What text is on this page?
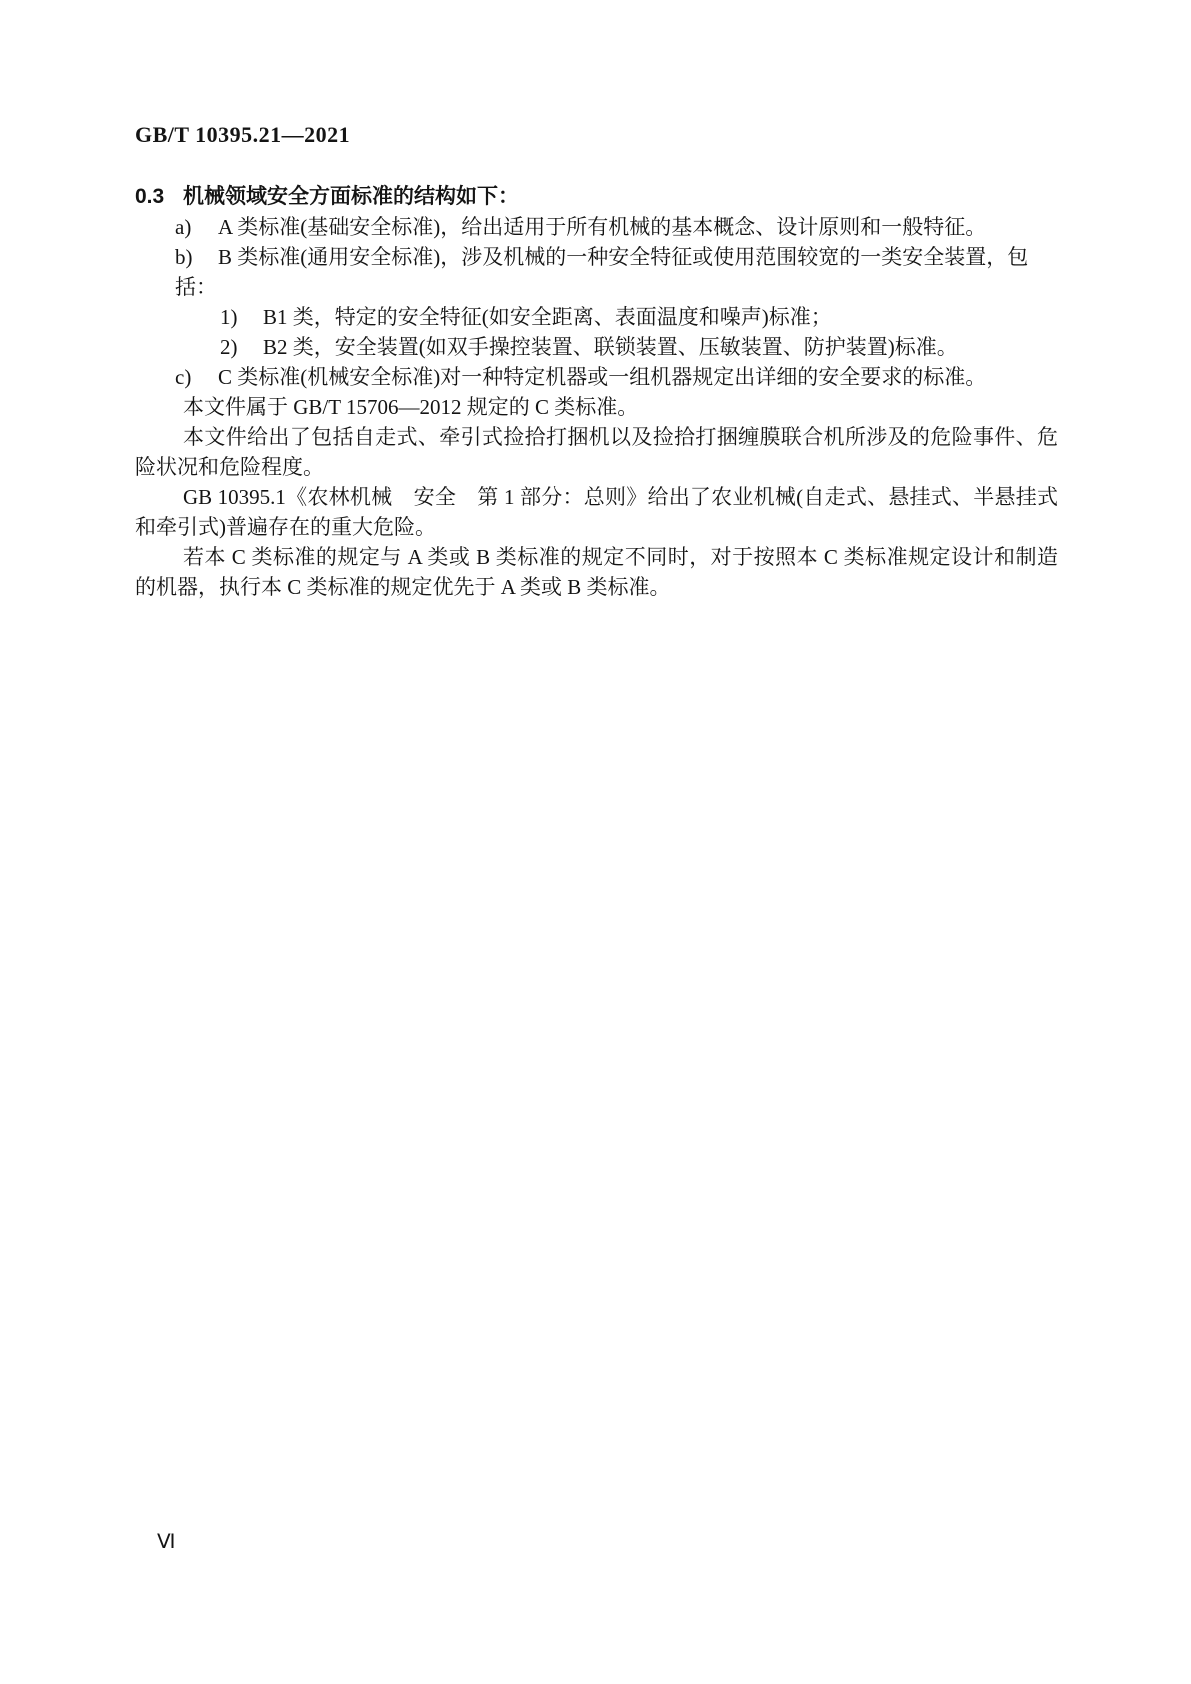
GB/T 10395.21—2021
0.3 机械领域安全方面标准的结构如下：
a) A 类标准(基础安全标准)，给出适用于所有机械的基本概念、设计原则和一般特征。
b) B 类标准(通用安全标准)，涉及机械的一种安全特征或使用范围较宽的一类安全装置，包括：
1) B1 类，特定的安全特征(如安全距离、表面温度和噪声)标准；
2) B2 类，安全装置(如双手操控装置、联锁装置、压敏装置、防护装置)标准。
c) C 类标准(机械安全标准)对一种特定机器或一组机器规定出详细的安全要求的标准。

本文件属于 GB/T 15706—2012 规定的 C 类标准。

本文件给出了包括自走式、牵引式捡拾打捆机以及捡拾打捆缠膜联合机所涉及的危险事件、危险状况和危险程度。

GB 10395.1《农林机械　安全　第 1 部分：总则》给出了农业机械(自走式、悬挂式、半悬挂式和牵引式)普遍存在的重大危险。

若本 C 类标准的规定与 A 类或 B 类标准的规定不同时，对于按照本 C 类标准规定设计和制造的机器，执行本 C 类标准的规定优先于 A 类或 B 类标准。

Ⅵ
